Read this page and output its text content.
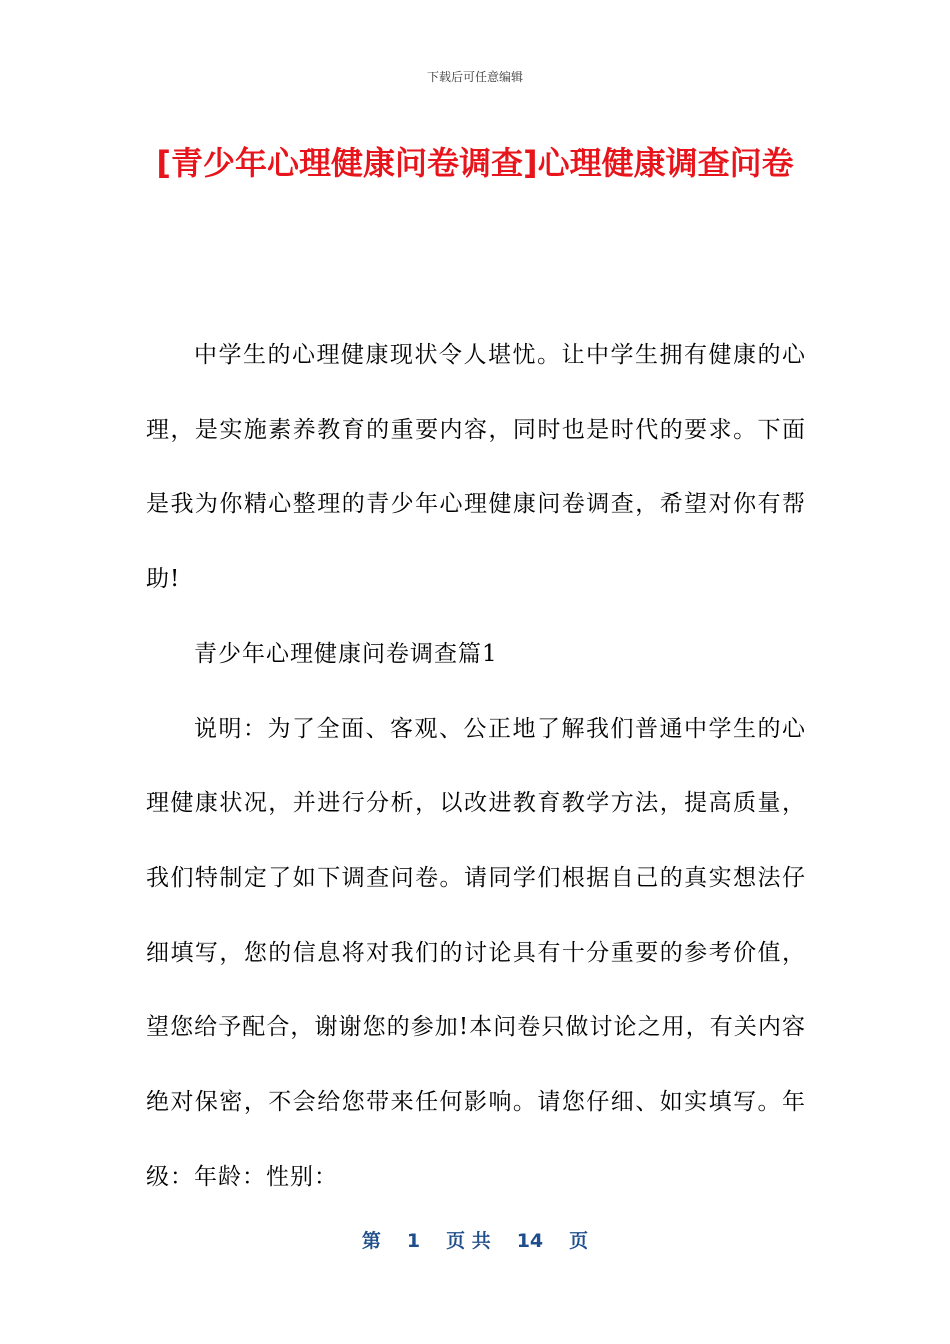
下载后可任意编辑
[青少年心理健康问卷调查]心理健康调查问卷

中学生的心理健康现状令人堪忧。让中学生拥有健康的心理，是实施素养教育的重要内容，同时也是时代的要求。下面是我为你精心整理的青少年心理健康问卷调查，希望对你有帮助!

青少年心理健康问卷调查篇1

说明：为了全面、客观、公正地了解我们普通中学生的心理健康状况，并进行分析，以改进教育教学方法，提高质量，我们特制定了如下调查问卷。请同学们根据自己的真实想法仔细填写，您的信息将对我们的讨论具有十分重要的参考价值，望您给予配合，谢谢您的参加!本问卷只做讨论之用，有关内容绝对保密，不会给您带来任何影响。请您仔细、如实填写。年级：年龄：性别：

第 1 页 共 14 页
